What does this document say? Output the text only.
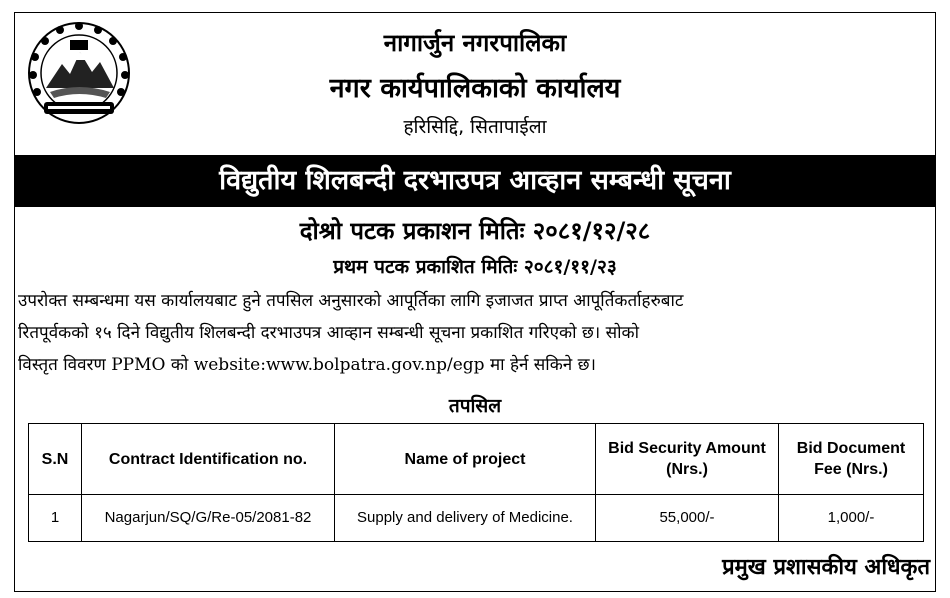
नागार्जुन नगरपालिका
नगर कार्यपालिकाको कार्यालय
हरिसिद्दि, सितापाईला
विद्युतीय शिलबन्दी दरभाउपत्र आव्हान सम्बन्धी सूचना
दोश्रो पटक प्रकाशन मितिः २०८१/१२/२८
प्रथम पटक प्रकाशित मितिः २०८१/११/२३
उपरोक्त सम्बन्धमा यस कार्यालयबाट हुने तपसिल अनुसारको आपूर्तिका लागि इजाजत प्राप्त आपूर्तिकर्ताहरुबाट
रितपूर्वकको १५ दिने विद्युतीय शिलबन्दी दरभाउपत्र आव्हान सम्बन्धी सूचना प्रकाशित गरिएको छ। सोको
विस्तृत विवरण PPMO को website:www.bolpatra.gov.np/egp मा हेर्न सकिने छ।
तपसिल
S.N	Contract Identification no.	Name of project	Bid Security Amount (Nrs.)	Bid Document Fee (Nrs.)
1	Nagarjun/SQ/G/Re-05/2081-82	Supply and delivery of Medicine.	55,000/-	1,000/-
प्रमुख प्रशासकीय अधिकृत
